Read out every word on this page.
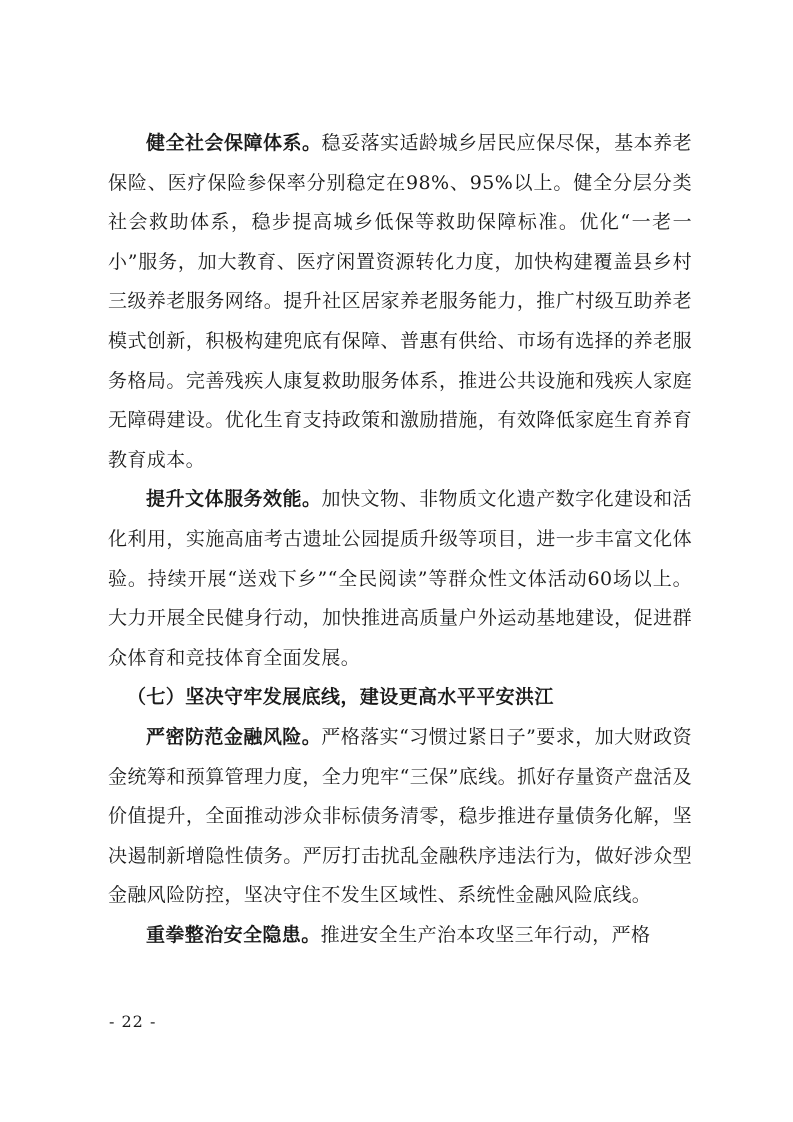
健全社会保障体系。稳妥落实适龄城乡居民应保尽保，基本养老保险、医疗保险参保率分别稳定在98%、95%以上。健全分层分类社会救助体系，稳步提高城乡低保等救助保障标准。优化“一老一小”服务，加大教育、医疗闲置资源转化力度，加快构建覆盖县乡村三级养老服务网络。提升社区居家养老服务能力，推广村级互助养老模式创新，积极构建兜底有保障、普惠有供给、市场有选择的养老服务格局。完善残疾人康复救助服务体系，推进公共设施和残疾人家庭无障碍建设。优化生育支持政策和激励措施，有效降低家庭生育养育教育成本。

提升文体服务效能。加快文物、非物质文化遗产数字化建设和活化利用，实施高庙考古遗址公园提质升级等项目，进一步丰富文化体验。持续开展“送戏下乡”“全民阅读”等群众性文体活动60场以上。大力开展全民健身行动，加快推进高质量户外运动基地建设，促进群众体育和竞技体育全面发展。

（七）坚决守牢发展底线，建设更高水平平安洪江

严密防范金融风险。严格落实“习惯过紧日子”要求，加大财政资金统筹和预算管理力度，全力兜牢“三保”底线。抓好存量资产盘活及价值提升，全面推动涉众非标债务清零，稳步推进存量债务化解，坚决遏制新增隐性债务。严厉打击扰乱金融秩序违法行为，做好涉众型金融风险防控，坚决守住不发生区域性、系统性金融风险底线。

重拳整治安全隐患。推进安全生产治本攻坚三年行动，严格

- 22 -
